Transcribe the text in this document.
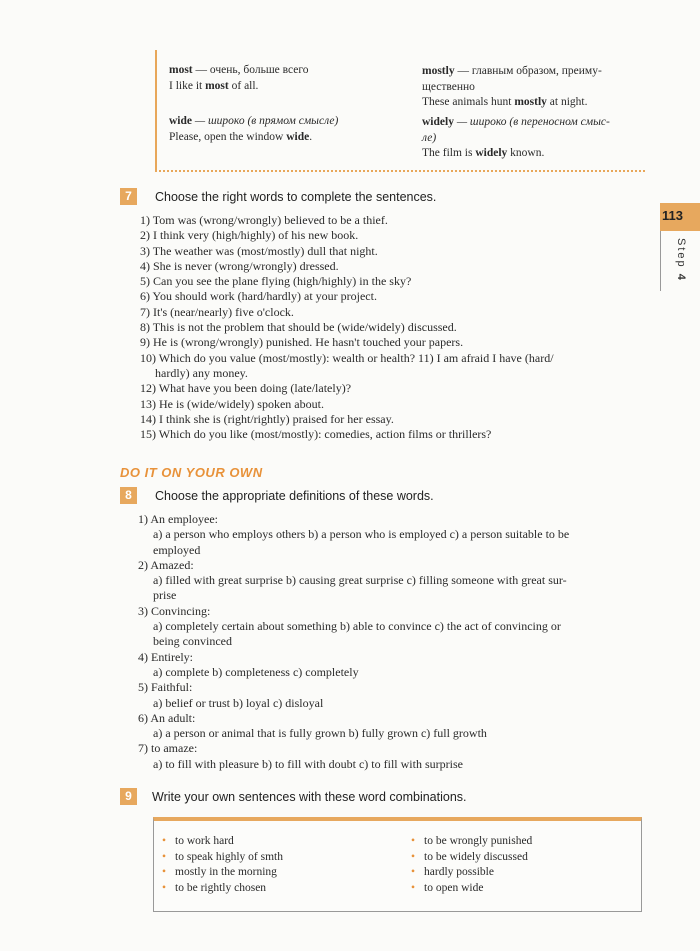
most — очень, больше всего
I like it most of all.
wide — широко (в прямом смысле)
Please, open the window wide.
mostly — главным образом, преиму-
щественно
These animals hunt mostly at night.
widely — широко (в переносном смыс-
ле)
The film is widely known.
113
Step 4
7	Choose the right words to complete the sentences.
1) Tom was (wrong/wrongly) believed to be a thief.
2) I think very (high/highly) of his new book.
3) The weather was (most/mostly) dull that night.
4) She is never (wrong/wrongly) dressed.
5) Can you see the plane flying (high/highly) in the sky?
6) You should work (hard/hardly) at your project.
7) It's (near/nearly) five o'clock.
8) This is not the problem that should be (wide/widely) discussed.
9) He is (wrong/wrongly) punished. He hasn't touched your papers.
10) Which do you value (most/mostly): wealth or health? 11) I am afraid I have (hard/
hardly) any money.
12) What have you been doing (late/lately)?
13) He is (wide/widely) spoken about.
14) I think she is (right/rightly) praised for her essay.
15) Which do you like (most/mostly): comedies, action films or thrillers?
DO IT ON YOUR OWN
8	Choose the appropriate definitions of these words.
1) An employee:
a) a person who employs others b) a person who is employed c) a person suitable to be
employed
2) Amazed:
a) filled with great surprise b) causing great surprise c) filling someone with great sur-
prise
3) Convincing:
a) completely certain about something b) able to convince c) the act of convincing or
being convinced
4) Entirely:
a) complete b) completeness c) completely
5) Faithful:
a) belief or trust b) loyal c) disloyal
6) An adult:
a) a person or animal that is fully grown b) fully grown c) full growth
7) to amaze:
a) to fill with pleasure b) to fill with doubt c) to fill with surprise
9	Write your own sentences with these word combinations.
• to work hard
• to speak highly of smth
• mostly in the morning
• to be rightly chosen
• to be wrongly punished
• to be widely discussed
• hardly possible
• to open wide
